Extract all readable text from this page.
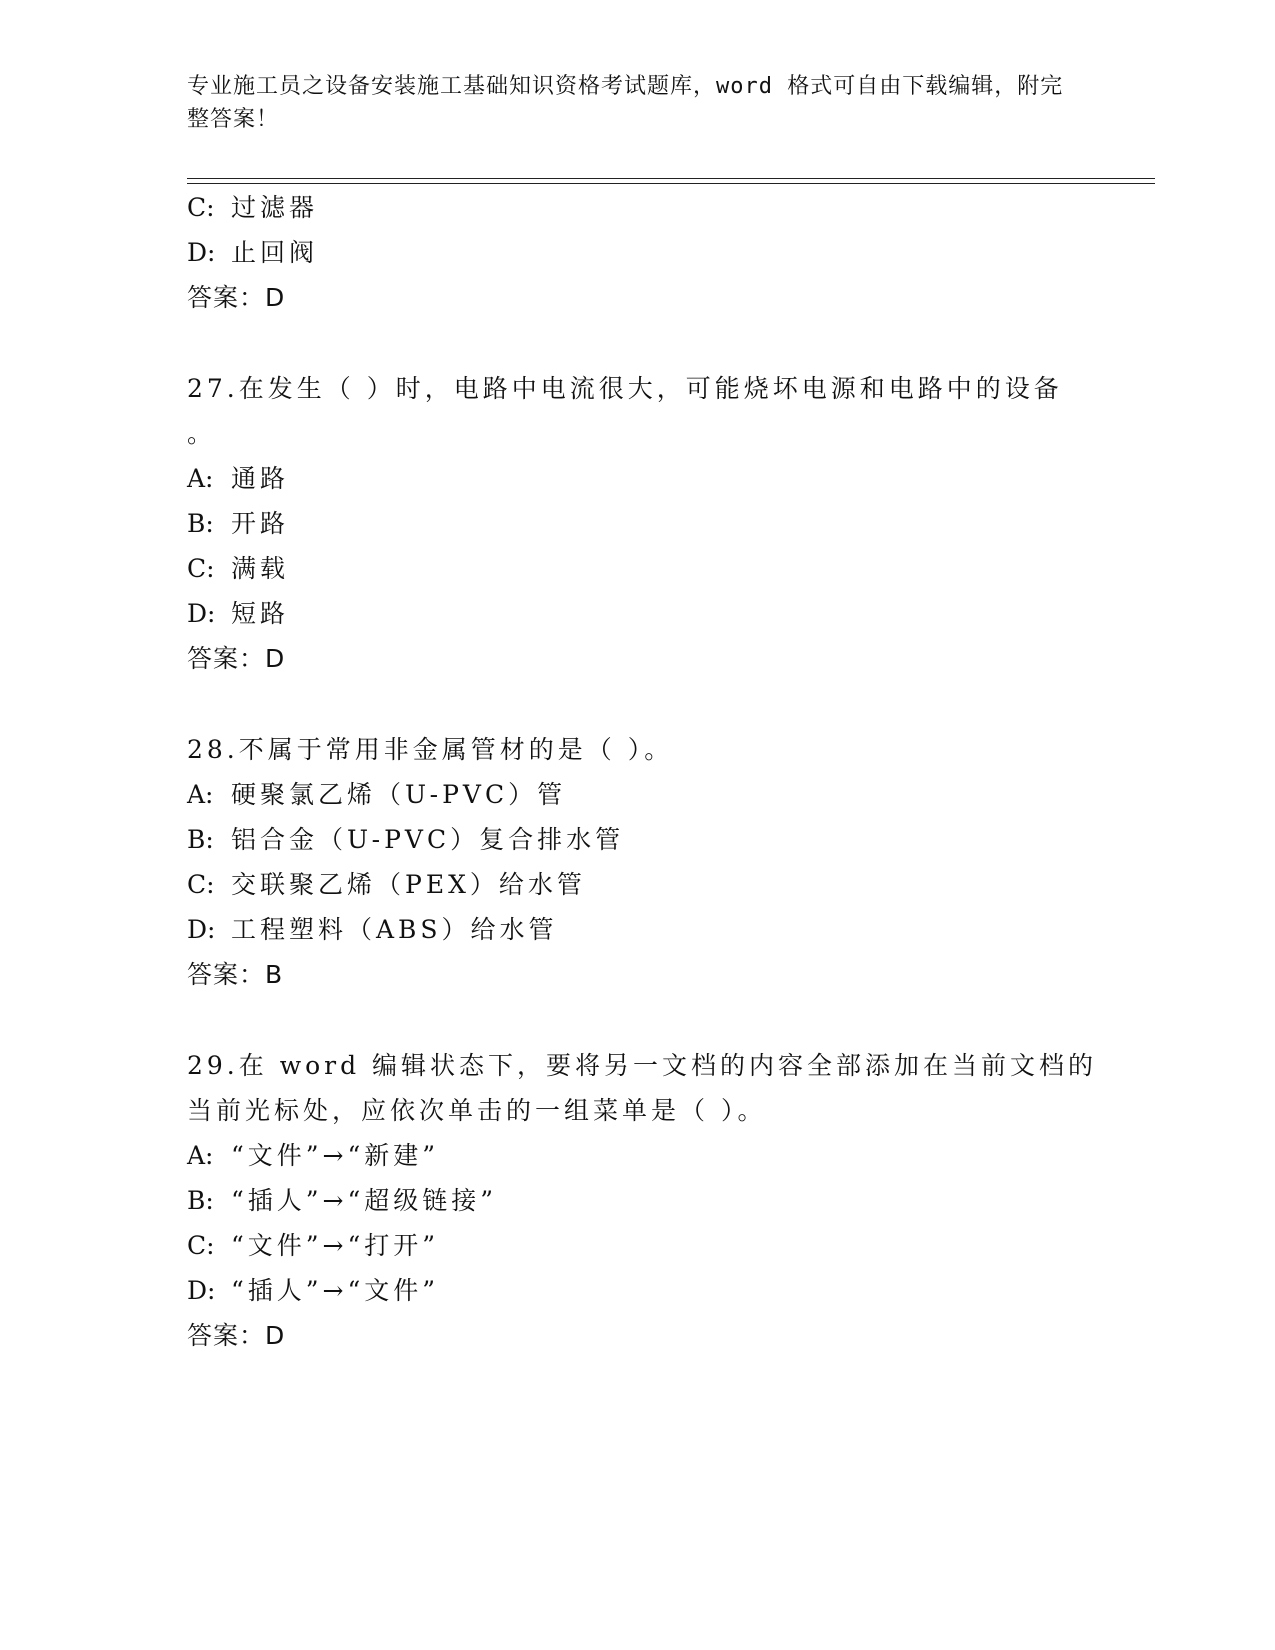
专业施工员之设备安装施工基础知识资格考试题库，word 格式可自由下载编辑，附完整答案！
C: 过滤器
D: 止回阀
答案：D
27.在发生（ ）时，电路中电流很大，可能烧坏电源和电路中的设备
。
A: 通路
B: 开路
C: 满载
D: 短路
答案：D
28.不属于常用非金属管材的是（ ）。
A: 硬聚氯乙烯（U-PVC）管
B: 铝合金（U-PVC）复合排水管
C: 交联聚乙烯（PEX）给水管
D: 工程塑料（ABS）给水管
答案：B
29.在 word 编辑状态下，要将另一文档的内容全部添加在当前文档的
当前光标处，应依次单击的一组菜单是（ ）。
A: “文件”→“新建”
B: “插人”→“超级链接”
C: “文件”→“打开”
D: “插人”→“文件”
答案：D
